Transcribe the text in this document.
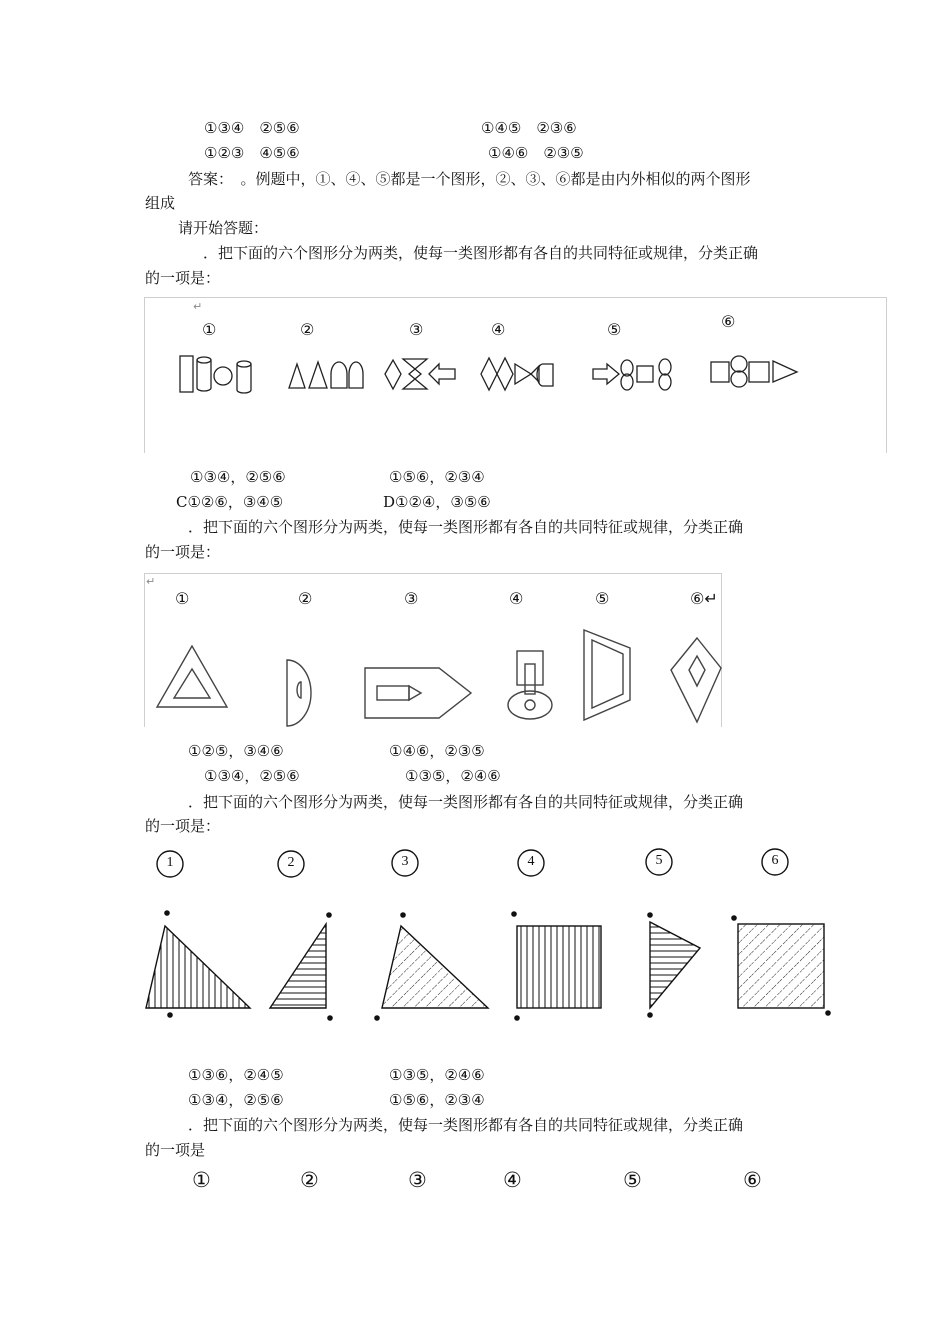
①③④　②⑤⑥	①④⑤　②③⑥
①②③　④⑤⑥	①④⑥　②③⑤
答案：　。例题中，①、④、⑤都是一个图形，②、③、⑥都是由内外相似的两个图形
组成
请开始答题：
．把下面的六个图形分为两类，使每一类图形都有各自的共同特征或规律，分类正确
的一项是：
↵
①	②	③	④	⑤	⑥
①③④，②⑤⑥	①⑤⑥，②③④
C①②⑥，③④⑤	D①②④，③⑤⑥
．把下面的六个图形分为两类，使每一类图形都有各自的共同特征或规律，分类正确
的一项是：
↵
①	②	③	④	⑤	⑥↵
①②⑤，③④⑥	①④⑥，②③⑤
①③④，②⑤⑥	①③⑤，②④⑥
．把下面的六个图形分为两类，使每一类图形都有各自的共同特征或规律，分类正确
的一项是：
1	2	3	4	5	6
①③⑥，②④⑤	①③⑤，②④⑥
①③④，②⑤⑥	①⑤⑥，②③④
．把下面的六个图形分为两类，使每一类图形都有各自的共同特征或规律，分类正确
的一项是
①	②	③	④	⑤	⑥
